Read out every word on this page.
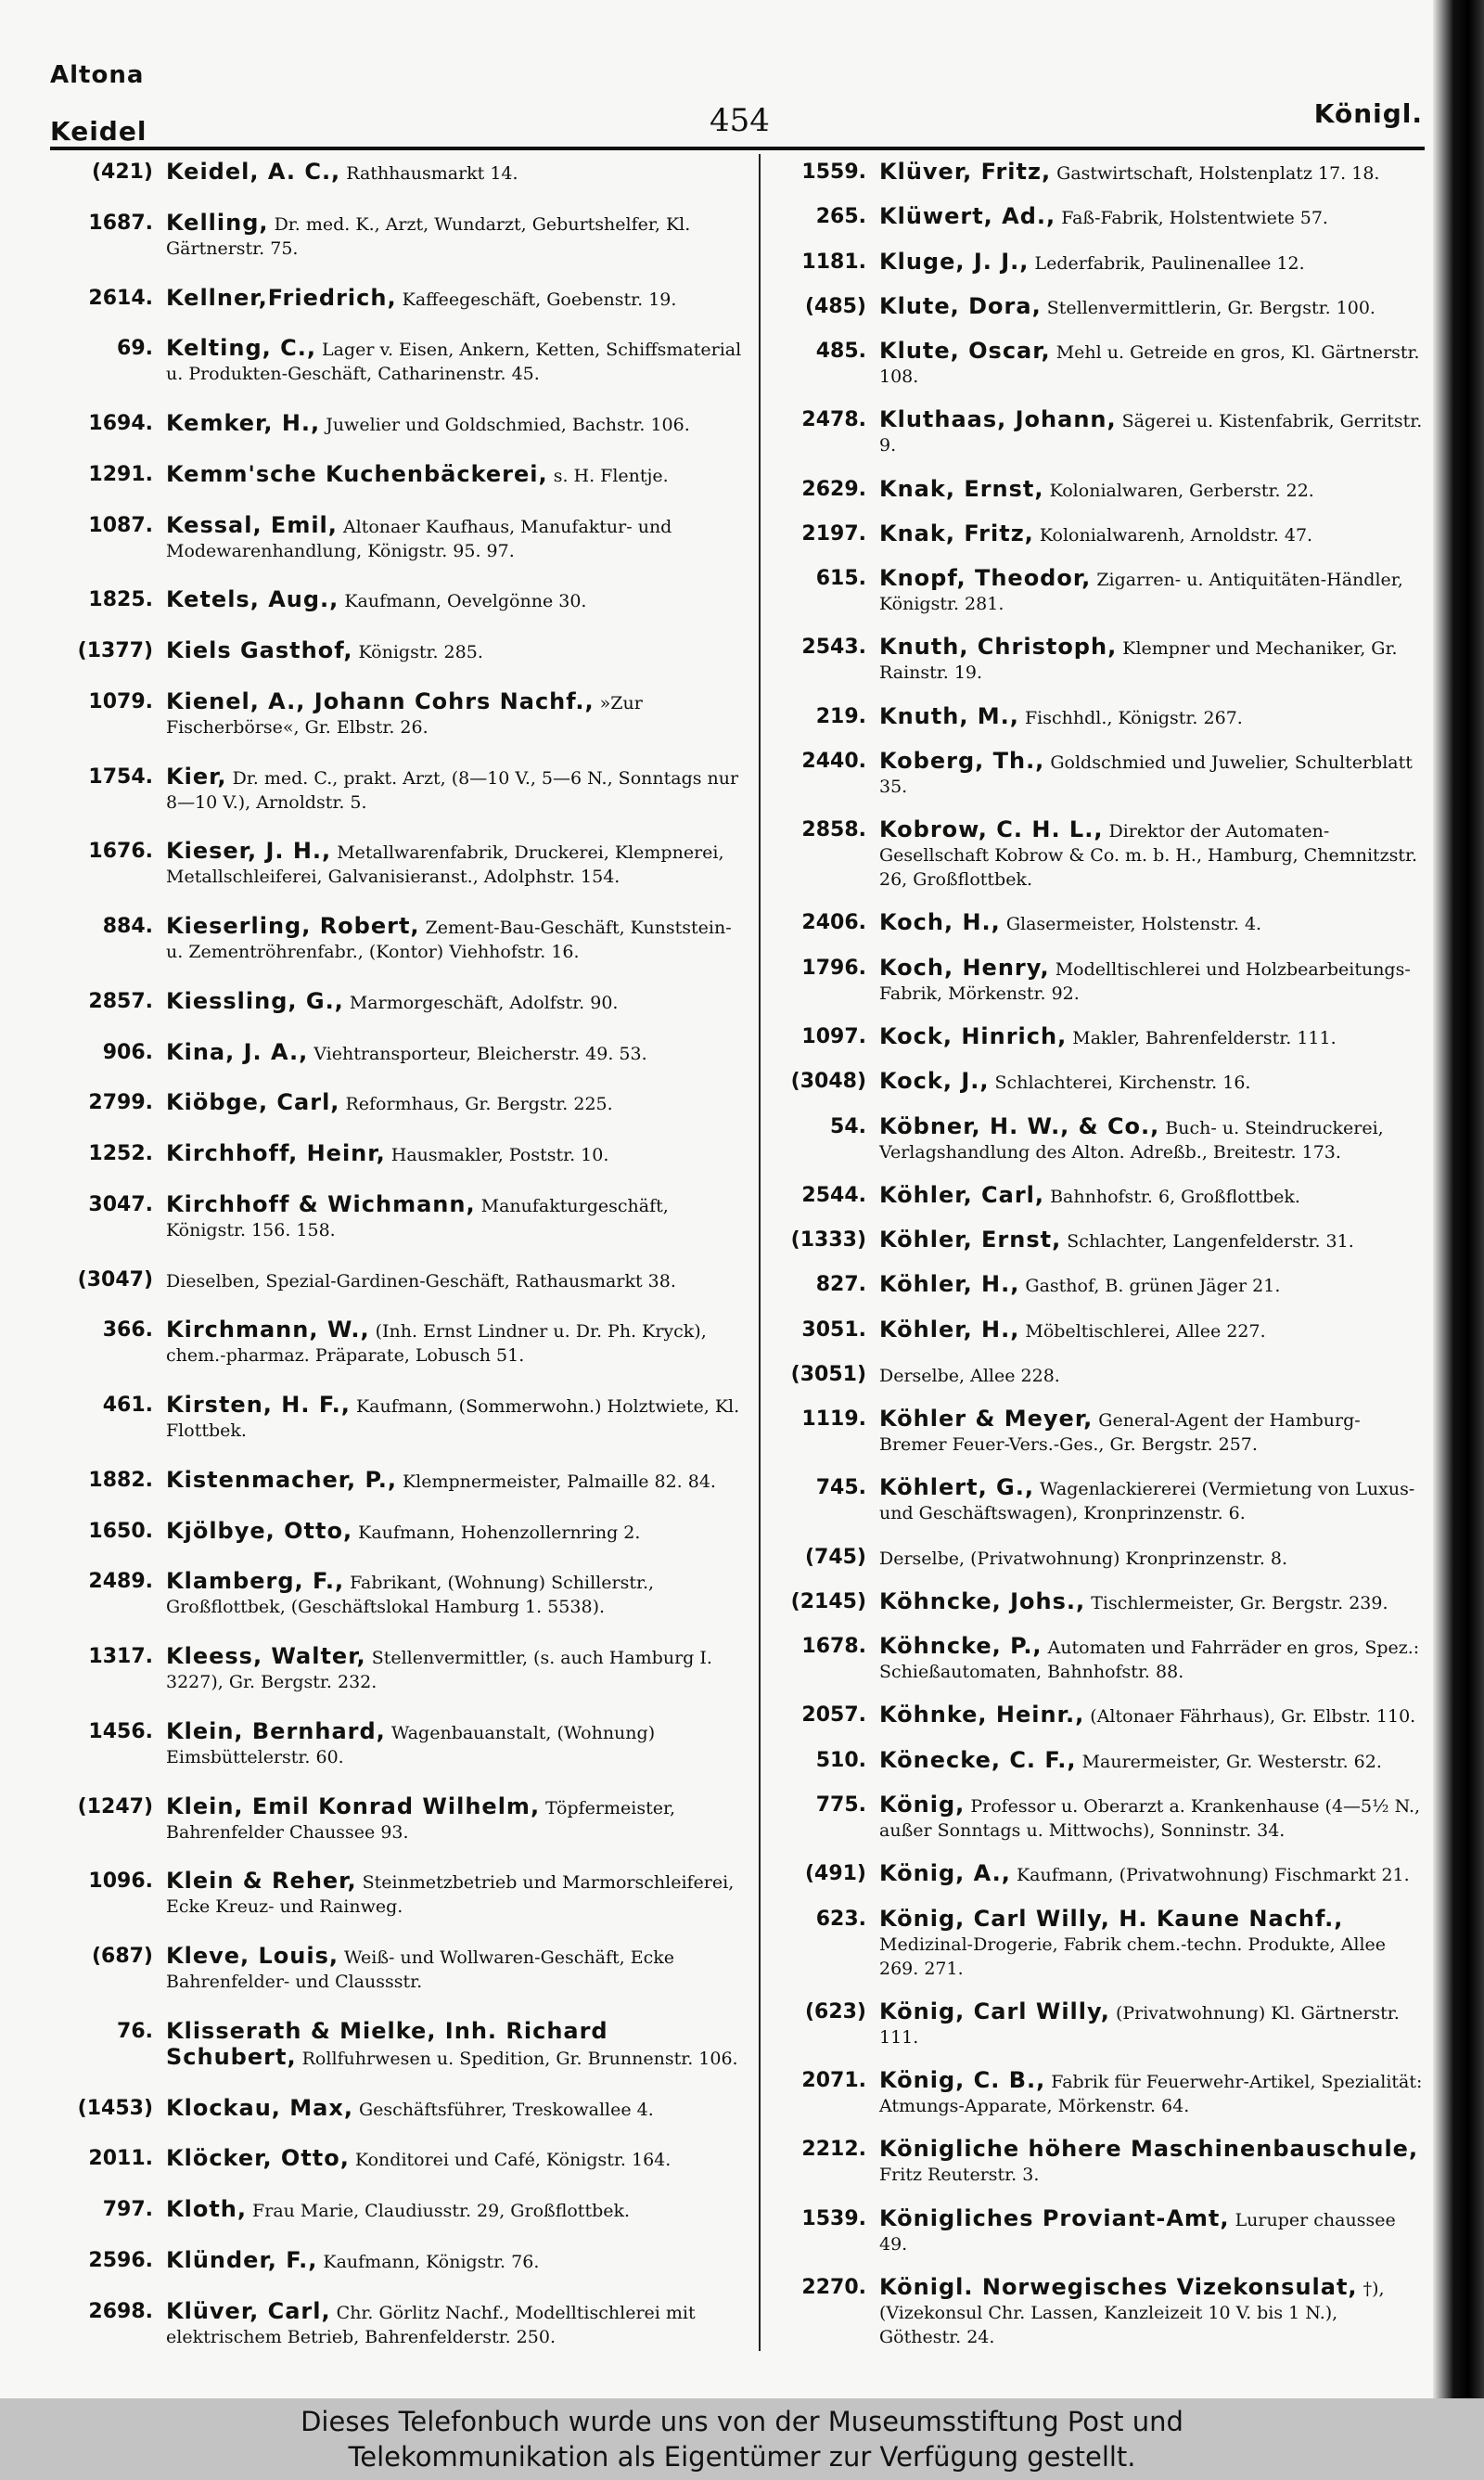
Altona
Keidel	454	Königl.
(421) Keidel, A. C., Rathhausmarkt 14.
1687. Kelling, Dr. med. K., Arzt, Wundarzt, Geburtshelfer, Kl. Gärtnerstr. 75.
2614. Kellner,Friedrich, Kaffeegeschäft, Goebenstr. 19.
69. Kelting, C., Lager v. Eisen, Ankern, Ketten, Schiffsmaterial u. Produkten-Geschäft, Catharinenstr. 45.
1694. Kemker, H., Juwelier und Goldschmied, Bachstr. 106.
1291. Kemm'sche Kuchenbäckerei, s. H. Flentje.
1087. Kessal, Emil, Altonaer Kaufhaus, Manufaktur- und Modewarenhandlung, Königstr. 95. 97.
1825. Ketels, Aug., Kaufmann, Oevelgönne 30.
(1377) Kiels Gasthof, Königstr. 285.
1079. Kienel, A., Johann Cohrs Nachf., »Zur Fischerbörse«, Gr. Elbstr. 26.
1754. Kier, Dr. med. C., prakt. Arzt, (8—10 V., 5—6 N., Sonntags nur 8—10 V.), Arnoldstr. 5.
1676. Kieser, J. H., Metallwarenfabrik, Druckerei, Klempnerei, Metallschleiferei, Galvanisieranst., Adolphstr. 154.
884. Kieserling, Robert, Zement-Bau-Geschäft, Kunststein- u. Zementröhrenfabr., (Kontor) Viehhofstr. 16.
2857. Kiessling, G., Marmorgeschäft, Adolfstr. 90.
906. Kina, J. A., Viehtransporteur, Bleicherstr. 49. 53.
2799. Kiöbge, Carl, Reformhaus, Gr. Bergstr. 225.
1252. Kirchhoff, Heinr, Hausmakler, Poststr. 10.
3047. Kirchhoff & Wichmann, Manufakturgeschäft, Königstr. 156. 158.
(3047) Dieselben, Spezial-Gardinen-Geschäft, Rathausmarkt 38.
366. Kirchmann, W., (Inh. Ernst Lindner u. Dr. Ph. Kryck), chem.-pharmaz. Präparate, Lobusch 51.
461. Kirsten, H. F., Kaufmann, (Sommerwohn.) Holztwiete, Kl. Flottbek.
1882. Kistenmacher, P., Klempnermeister, Palmaille 82. 84.
1650. Kjölbye, Otto, Kaufmann, Hohenzollernring 2.
2489. Klamberg, F., Fabrikant, (Wohnung) Schillerstr., Großflottbek, (Geschäftslokal Hamburg 1. 5538).
1317. Kleess, Walter, Stellenvermittler, (s. auch Hamburg I. 3227), Gr. Bergstr. 232.
1456. Klein, Bernhard, Wagenbauanstalt, (Wohnung) Eimsbüttelerstr. 60.
(1247) Klein, Emil Konrad Wilhelm, Töpfermeister, Bahrenfelder Chaussee 93.
1096. Klein & Reher, Steinmetzbetrieb und Marmorschleiferei, Ecke Kreuz- und Rainweg.
(687) Kleve, Louis, Weiß- und Wollwaren-Geschäft, Ecke Bahrenfelder- und Claussstr.
76. Klisserath & Mielke, Inh. Richard Schubert, Rollfuhrwesen u. Spedition, Gr. Brunnenstr. 106.
(1453) Klockau, Max, Geschäftsführer, Treskowallee 4.
2011. Klöcker, Otto, Konditorei und Café, Königstr. 164.
797. Kloth, Frau Marie, Claudiusstr. 29, Großflottbek.
2596. Klünder, F., Kaufmann, Königstr. 76.
2698. Klüver, Carl, Chr. Görlitz Nachf., Modelltischlerei mit elektrischem Betrieb, Bahrenfelderstr. 250.
1559. Klüver, Fritz, Gastwirtschaft, Holstenplatz 17. 18.
265. Klüwert, Ad., Faß-Fabrik, Holstentwiete 57.
1181. Kluge, J. J., Lederfabrik, Paulinenallee 12.
(485) Klute, Dora, Stellenvermittlerin, Gr. Bergstr. 100.
485. Klute, Oscar, Mehl u. Getreide en gros, Kl. Gärtnerstr. 108.
2478. Kluthaas, Johann, Sägerei u. Kistenfabrik, Gerritstr. 9.
2629. Knak, Ernst, Kolonialwaren, Gerberstr. 22.
2197. Knak, Fritz, Kolonialwarenh, Arnoldstr. 47.
615. Knopf, Theodor, Zigarren- u. Antiquitäten-Händler, Königstr. 281.
2543. Knuth, Christoph, Klempner und Mechaniker, Gr. Rainstr. 19.
219. Knuth, M., Fischhdl., Königstr. 267.
2440. Koberg, Th., Goldschmied und Juwelier, Schulterblatt 35.
2858. Kobrow, C. H. L., Direktor der Automaten-Gesellschaft Kobrow & Co. m. b. H., Hamburg, Chemnitzstr. 26, Großflottbek.
2406. Koch, H., Glasermeister, Holstenstr. 4.
1796. Koch, Henry, Modelltischlerei und Holzbearbeitungs-Fabrik, Mörkenstr. 92.
1097. Kock, Hinrich, Makler, Bahrenfelderstr. 111.
(3048) Kock, J., Schlachterei, Kirchenstr. 16.
54. Köbner, H. W., & Co., Buch- u. Steindruckerei, Verlagshandlung des Alton. Adreßb., Breitestr. 173.
2544. Köhler, Carl, Bahnhofstr. 6, Großflottbek.
(1333) Köhler, Ernst, Schlachter, Langenfelderstr. 31.
827. Köhler, H., Gasthof, B. grünen Jäger 21.
3051. Köhler, H., Möbeltischlerei, Allee 227.
(3051) Derselbe, Allee 228.
1119. Köhler & Meyer, General-Agent der Hamburg-Bremer Feuer-Vers.-Ges., Gr. Bergstr. 257.
745. Köhlert, G., Wagenlackiererei (Vermietung von Luxus- und Geschäftswagen), Kronprinzenstr. 6.
(745) Derselbe, (Privatwohnung) Kronprinzenstr. 8.
(2145) Köhncke, Johs., Tischlermeister, Gr. Bergstr. 239.
1678. Köhncke, P., Automaten und Fahrräder en gros, Spez.: Schießautomaten, Bahnhofstr. 88.
2057. Köhnke, Heinr., (Altonaer Fährhaus), Gr. Elbstr. 110.
510. Könecke, C. F., Maurermeister, Gr. Westerstr. 62.
775. König, Professor u. Oberarzt a. Krankenhause (4—5½ N., außer Sonntags u. Mittwochs), Sonninstr. 34.
(491) König, A., Kaufmann, (Privatwohnung) Fischmarkt 21.
623. König, Carl Willy, H. Kaune Nachf., Medizinal-Drogerie, Fabrik chem.-techn. Produkte, Allee 269. 271.
(623) König, Carl Willy, (Privatwohnung) Kl. Gärtnerstr. 111.
2071. König, C. B., Fabrik für Feuerwehr-Artikel, Spezialität: Atmungs-Apparate, Mörkenstr. 64.
2212. Königliche höhere Maschinenbauschule, Fritz Reuterstr. 3.
1539. Königliches Proviant-Amt, Luruper chaussee 49.
2270. Königl. Norwegisches Vizekonsulat, †), (Vizekonsul Chr. Lassen, Kanzleizeit 10 V. bis 1 N.), Göthestr. 24.
Dieses Telefonbuch wurde uns von der Museumsstiftung Post und
Telekommunikation als Eigentümer zur Verfügung gestellt.
